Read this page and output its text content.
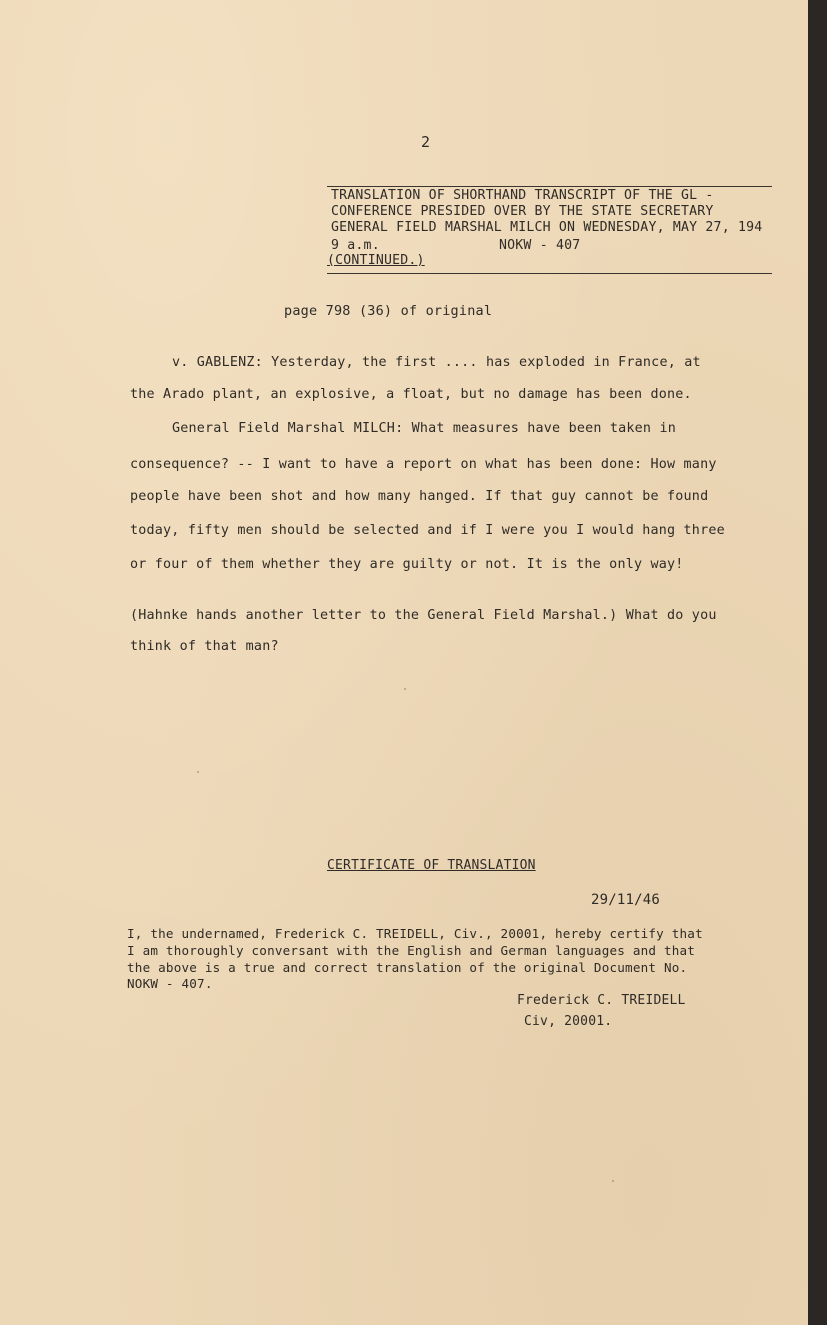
2
TRANSLATION OF SHORTHAND TRANSCRIPT OF THE GL -
CONFERENCE PRESIDED OVER BY THE STATE SECRETARY
GENERAL FIELD MARSHAL MILCH ON WEDNESDAY, MAY 27, 194
9 a.m.	NOKW - 407
(CONTINUED.)
page 798 (36) of original
v. GABLENZ: Yesterday, the first .... has exploded in France, at
the Arado plant, an explosive, a float, but no damage has been done.
General Field Marshal MILCH: What measures have been taken in
consequence? -- I want to have a report on what has been done: How many
people have been shot and how many hanged. If that guy cannot be found
today, fifty men should be selected and if I were you I would hang three
or four of them whether they are guilty or not. It is the only way!
(Hahnke hands another letter to the General Field Marshal.) What do you
think of that man?
CERTIFICATE OF TRANSLATION
29/11/46
I, the undernamed, Frederick C. TREIDELL, Civ., 20001, hereby certify that
I am thoroughly conversant with the English and German languages and that
the above is a true and correct translation of the original Document No.
NOKW - 407.
Frederick C. TREIDELL
Civ, 20001.
